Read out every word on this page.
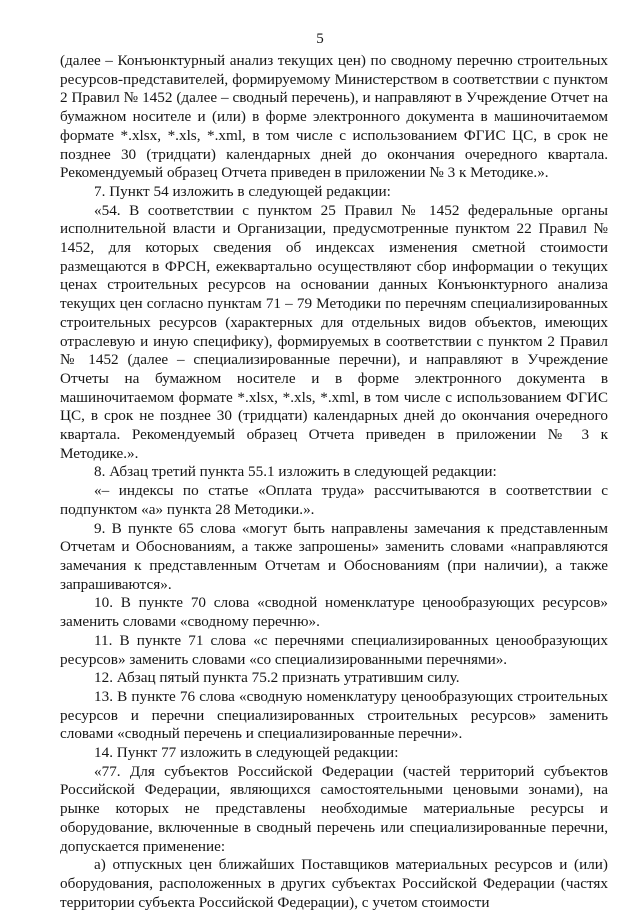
5

(далее – Конъюнктурный анализ текущих цен) по сводному перечню строительных ресурсов-представителей, формируемому Министерством в соответствии с пунктом 2 Правил № 1452 (далее – сводный перечень), и направляют в Учреждение Отчет на бумажном носителе и (или) в форме электронного документа в машиночитаемом формате *.xlsx, *.xls, *.xml, в том числе с использованием ФГИС ЦС, в срок не позднее 30 (тридцати) календарных дней до окончания очередного квартала. Рекомендуемый образец Отчета приведен в приложении № 3 к Методике.».

7. Пункт 54 изложить в следующей редакции:

«54. В соответствии с пунктом 25 Правил № 1452 федеральные органы исполнительной власти и Организации, предусмотренные пунктом 22 Правил № 1452, для которых сведения об индексах изменения сметной стоимости размещаются в ФРСН, ежеквартально осуществляют сбор информации о текущих ценах строительных ресурсов на основании данных Конъюнктурного анализа текущих цен согласно пунктам 71 – 79 Методики по перечням специализированных строительных ресурсов (характерных для отдельных видов объектов, имеющих отраслевую и иную специфику), формируемых в соответствии с пунктом 2 Правил № 1452 (далее – специализированные перечни), и направляют в Учреждение Отчеты на бумажном носителе и в форме электронного документа в машиночитаемом формате *.xlsx, *.xls, *.xml, в том числе с использованием ФГИС ЦС, в срок не позднее 30 (тридцати) календарных дней до окончания очередного квартала. Рекомендуемый образец Отчета приведен в приложении № 3 к Методике.».

8. Абзац третий пункта 55.1 изложить в следующей редакции:

«– индексы по статье «Оплата труда» рассчитываются в соответствии с подпунктом «а» пункта 28 Методики.».

9. В пункте 65 слова «могут быть направлены замечания к представленным Отчетам и Обоснованиям, а также запрошены» заменить словами «направляются замечания к представленным Отчетам и Обоснованиям (при наличии), а также запрашиваются».

10. В пункте 70 слова «сводной номенклатуре ценообразующих ресурсов» заменить словами «сводному перечню».

11. В пункте 71 слова «с перечнями специализированных ценообразующих ресурсов» заменить словами «со специализированными перечнями».

12. Абзац пятый пункта 75.2 признать утратившим силу.

13. В пункте 76 слова «сводную номенклатуру ценообразующих строительных ресурсов и перечни специализированных строительных ресурсов» заменить словами «сводный перечень и специализированные перечни».

14. Пункт 77 изложить в следующей редакции:

«77. Для субъектов Российской Федерации (частей территорий субъектов Российской Федерации, являющихся самостоятельными ценовыми зонами), на рынке которых не представлены необходимые материальные ресурсы и оборудование, включенные в сводный перечень или специализированные перечни, допускается применение:

а) отпускных цен ближайших Поставщиков материальных ресурсов и (или) оборудования, расположенных в других субъектах Российской Федерации (частях территории субъекта Российской Федерации), с учетом стоимости
